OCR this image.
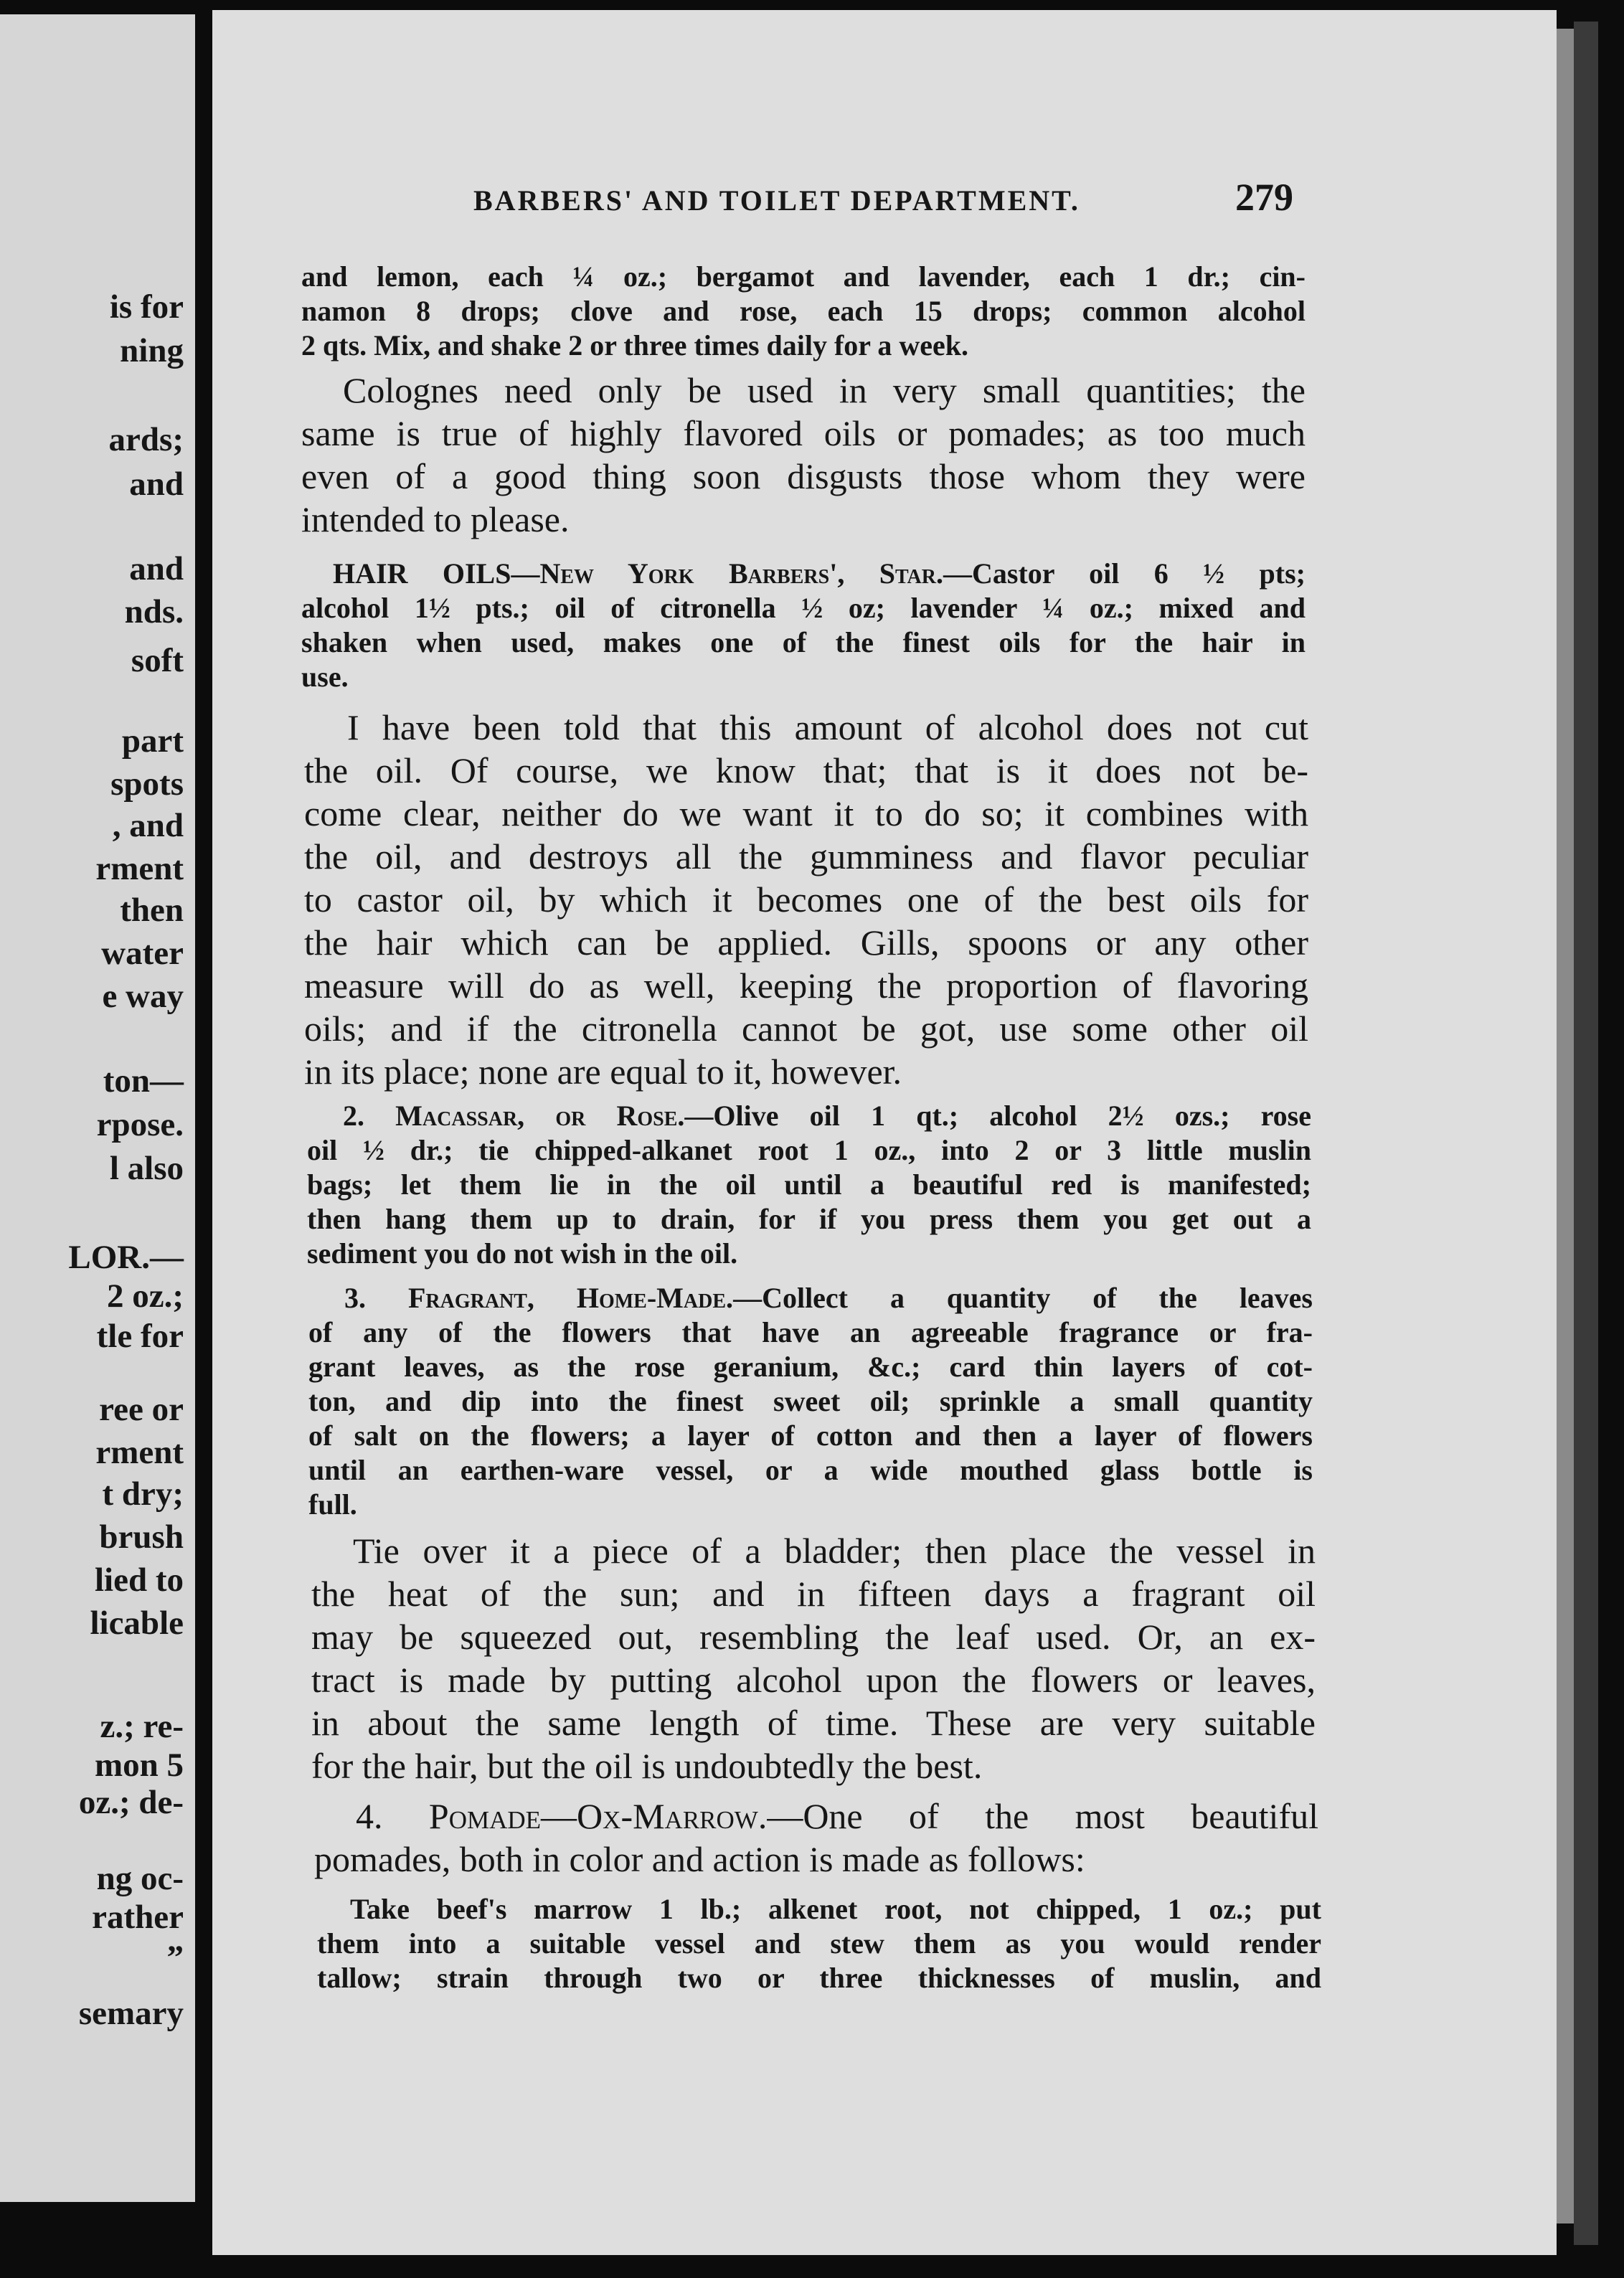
is for
ning
ards;
and
and
nds.
soft
part
spots
, and
rment
then
water
e way
ton—
rpose.
l also
LOR.—
2 oz.;
tle for
ree or
rment
t dry;
brush
lied to
licable
z.; re-
mon 5
oz.; de-
ng oc-
rather
”
semary
BARBERS' AND TOILET DEPARTMENT.	279
and lemon, each ¼ oz.; bergamot and lavender, each 1 dr.; cin-
namon 8 drops; clove and rose, each 15 drops; common alcohol
2 qts. Mix, and shake 2 or three times daily for a week.
Colognes need only be used in very small quantities; the
same is true of highly flavored oils or pomades; as too much
even of a good thing soon disgusts those whom they were
intended to please.
HAIR OILS—New York Barbers', Star.—Castor oil 6 ½ pts;
alcohol 1½ pts.; oil of citronella ½ oz; lavender ¼ oz.; mixed and
shaken when used, makes one of the finest oils for the hair in
use.
I have been told that this amount of alcohol does not cut
the oil. Of course, we know that; that is it does not be-
come clear, neither do we want it to do so; it combines with
the oil, and destroys all the gumminess and flavor peculiar
to castor oil, by which it becomes one of the best oils for
the hair which can be applied. Gills, spoons or any other
measure will do as well, keeping the proportion of flavoring
oils; and if the citronella cannot be got, use some other oil
in its place; none are equal to it, however.
2. Macassar, or Rose.—Olive oil 1 qt.; alcohol 2½ ozs.; rose
oil ½ dr.; tie chipped-alkanet root 1 oz., into 2 or 3 little muslin
bags; let them lie in the oil until a beautiful red is manifested;
then hang them up to drain, for if you press them you get out a
sediment you do not wish in the oil.
3. Fragrant, Home-Made.—Collect a quantity of the leaves
of any of the flowers that have an agreeable fragrance or fra-
grant leaves, as the rose geranium, &c.; card thin layers of cot-
ton, and dip into the finest sweet oil; sprinkle a small quantity
of salt on the flowers; a layer of cotton and then a layer of flowers
until an earthen-ware vessel, or a wide mouthed glass bottle is
full.
Tie over it a piece of a bladder; then place the vessel in
the heat of the sun; and in fifteen days a fragrant oil
may be squeezed out, resembling the leaf used. Or, an ex-
tract is made by putting alcohol upon the flowers or leaves,
in about the same length of time. These are very suitable
for the hair, but the oil is undoubtedly the best.
4. Pomade—Ox-Marrow.—One of the most beautiful
pomades, both in color and action is made as follows:
Take beef's marrow 1 lb.; alkenet root, not chipped, 1 oz.; put
them into a suitable vessel and stew them as you would render
tallow; strain through two or three thicknesses of muslin, and
